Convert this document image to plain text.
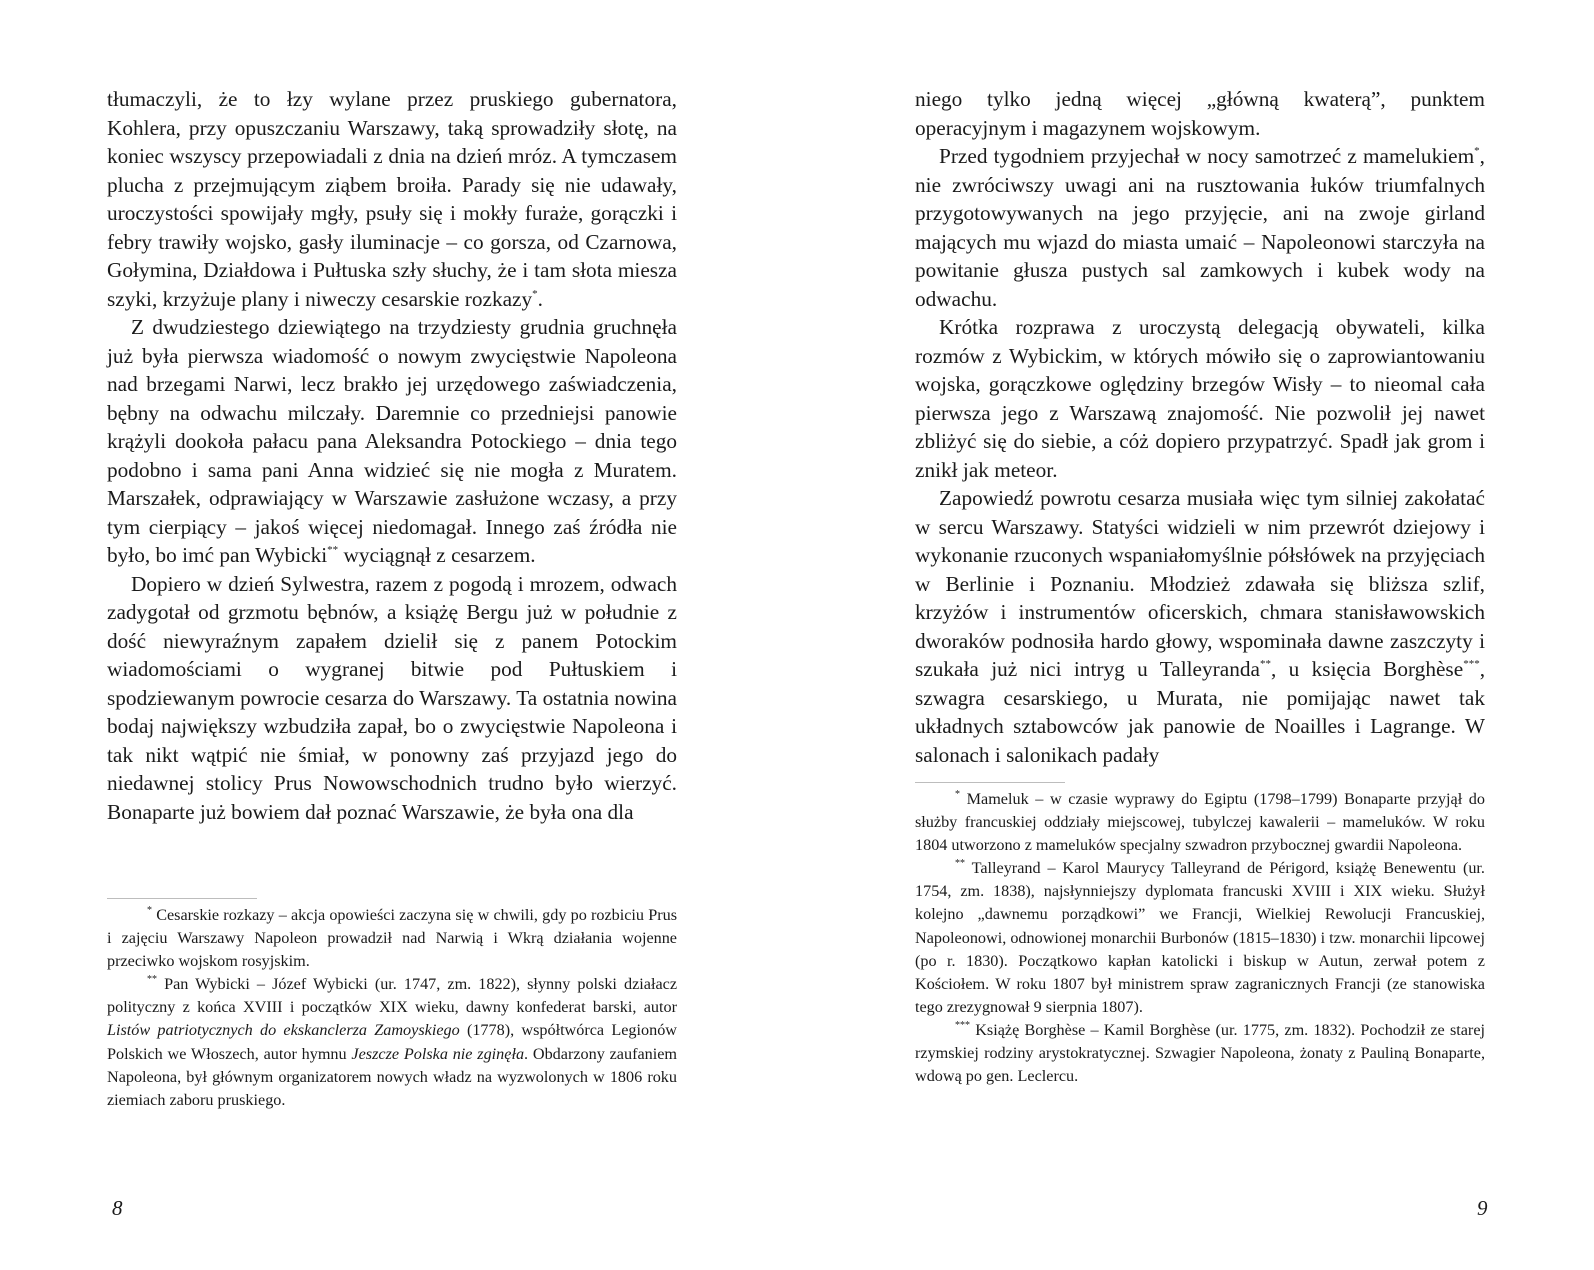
tłumaczyli, że to łzy wylane przez pruskiego gubernatora, Kohlera, przy opuszczaniu Warszawy, taką sprowadziły słotę, na koniec wszyscy przepowiadali z dnia na dzień mróz. A tymczasem plucha z przejmującym ziąbem broiła. Parady się nie udawały, uroczystości spowijały mgły, psuły się i mokły furaże, gorączki i febry trawiły wojsko, gasły iluminacje – co gorsza, od Czarnowa, Gołymina, Działdowa i Pułtuska szły słuchy, że i tam słota miesza szyki, krzyżuje plany i niweczy cesarskie rozkazy*.

Z dwudziestego dziewiątego na trzydziesty grudnia gruchnęła już była pierwsza wiadomość o nowym zwycięstwie Napoleona nad brzegami Narwi, lecz brakło jej urzędowego zaświadczenia, bębny na odwachu milczały. Daremnie co przedniejsi panowie krążyli dookoła pałacu pana Aleksandra Potockiego – dnia tego podobno i sama pani Anna widzieć się nie mogła z Muratem. Marszałek, odprawiający w Warszawie zasłużone wczasy, a przy tym cierpiący – jakoś więcej niedomagał. Innego zaś źródła nie było, bo imć pan Wybicki** wyciągnął z cesarzem.

Dopiero w dzień Sylwestra, razem z pogodą i mrozem, odwach zadygotał od grzmotu bębnów, a książę Bergu już w południe z dość niewyraźnym zapałem dzielił się z panem Potockim wiadomościami o wygranej bitwie pod Pułtuskiem i spodziewanym powrocie cesarza do Warszawy. Ta ostatnia nowina bodaj największy wzbudziła zapał, bo o zwycięstwie Napoleona i tak nikt wątpić nie śmiał, w ponowny zaś przyjazd jego do niedawnej stolicy Prus Nowowschodnich trudno było wierzyć. Bonaparte już bowiem dał poznać Warszawie, że była ona dla

* Cesarskie rozkazy – akcja opowieści zaczyna się w chwili, gdy po rozbiciu Prus i zajęciu Warszawy Napoleon prowadził nad Narwią i Wkrą działania wojenne przeciwko wojskom rosyjskim.

** Pan Wybicki – Józef Wybicki (ur. 1747, zm. 1822), słynny polski działacz polityczny z końca XVIII i początków XIX wieku, dawny konfederat barski, autor Listów patriotycznych do ekskanclerza Zamoyskiego (1778), współtwórca Legionów Polskich we Włoszech, autor hymnu Jeszcze Polska nie zginęła. Obdarzony zaufaniem Napoleona, był głównym organizatorem nowych władz na wyzwolonych w 1806 roku ziemiach zaboru pruskiego.

8

niego tylko jedną więcej „główną kwaterą”, punktem operacyjnym i magazynem wojskowym.

Przed tygodniem przyjechał w nocy samotrzeć z mamelukiem*, nie zwróciwszy uwagi ani na rusztowania łuków triumfalnych przygotowywanych na jego przyjęcie, ani na zwoje girland mających mu wjazd do miasta umaić – Napoleonowi starczyła na powitanie głusza pustych sal zamkowych i kubek wody na odwachu.

Krótka rozprawa z uroczystą delegacją obywateli, kilka rozmów z Wybickim, w których mówiło się o zaprowiantowaniu wojska, gorączkowe oględziny brzegów Wisły – to nieomal cała pierwsza jego z Warszawą znajomość. Nie pozwolił jej nawet zbliżyć się do siebie, a cóż dopiero przypatrzyć. Spadł jak grom i znikł jak meteor.

Zapowiedź powrotu cesarza musiała więc tym silniej zakołatać w sercu Warszawy. Statyści widzieli w nim przewrót dziejowy i wykonanie rzuconych wspaniałomyślnie półsłówek na przyjęciach w Berlinie i Poznaniu. Młodzież zdawała się bliższa szlif, krzyżów i instrumentów oficerskich, chmara stanisławowskich dworaków podnosiła hardo głowy, wspominała dawne zaszczyty i szukała już nici intryg u Talleyranda**, u księcia Borghèse***, szwagra cesarskiego, u Murata, nie pomijając nawet tak układnych sztabowców jak panowie de Noailles i Lagrange. W salonach i salonikach padały

* Mameluk – w czasie wyprawy do Egiptu (1798–1799) Bonaparte przyjął do służby francuskiej oddziały miejscowej, tubylczej kawalerii – mameluków. W roku 1804 utworzono z mameluków specjalny szwadron przybocznej gwardii Napoleona.

** Talleyrand – Karol Maurycy Talleyrand de Périgord, książę Benewentu (ur. 1754, zm. 1838), najsłynniejszy dyplomata francuski XVIII i XIX wieku. Służył kolejno „dawnemu porządkowi” we Francji, Wielkiej Rewolucji Francuskiej, Napoleonowi, odnowionej monarchii Burbonów (1815–1830) i tzw. monarchii lipcowej (po r. 1830). Początkowo kapłan katolicki i biskup w Autun, zerwał potem z Kościołem. W roku 1807 był ministrem spraw zagranicznych Francji (ze stanowiska tego zrezygnował 9 sierpnia 1807).

*** Książę Borghèse – Kamil Borghèse (ur. 1775, zm. 1832). Pochodził ze starej rzymskiej rodziny arystokratycznej. Szwagier Napoleona, żonaty z Pauliną Bonaparte, wdową po gen. Leclercu.

9
